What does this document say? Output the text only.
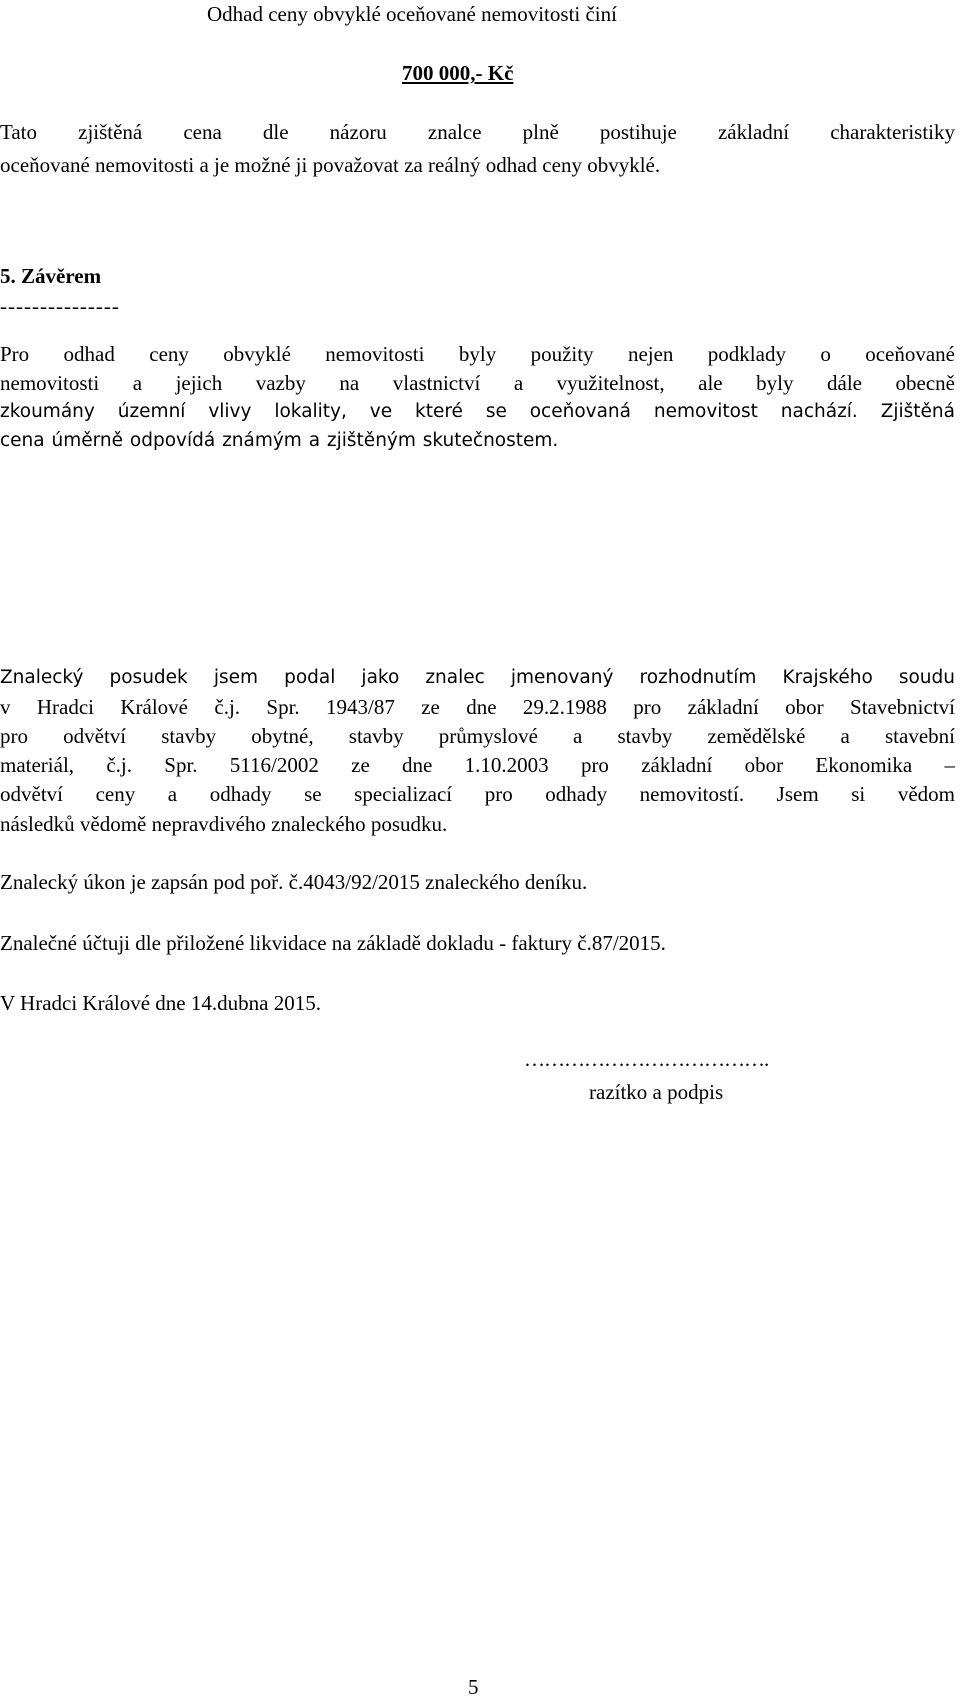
Odhad ceny obvyklé oceňované nemovitosti činí
700 000,- Kč
Tato zjištěná cena dle názoru znalce plně postihuje základní charakteristiky
oceňované nemovitosti a je možné ji považovat za reálný odhad ceny obvyklé.
5. Závěrem
---------------
Pro odhad ceny obvyklé nemovitosti byly použity nejen podklady o oceňované
nemovitosti a jejich vazby na vlastnictví a využitelnost, ale byly dále obecně
zkoumány územní vlivy lokality, ve které se oceňovaná nemovitost nachází. Zjištěná
cena úměrně odpovídá známým a zjištěným skutečnostem.
Znalecký posudek jsem podal jako znalec jmenovaný rozhodnutím Krajského soudu
v Hradci Králové č.j. Spr. 1943/87 ze dne 29.2.1988 pro základní obor Stavebnictví
pro odvětví stavby obytné, stavby průmyslové a stavby zemědělské a stavební
materiál, č.j. Spr. 5116/2002 ze dne 1.10.2003 pro základní obor Ekonomika –
odvětví ceny a odhady se specializací pro odhady nemovitostí. Jsem si vědom
následků vědomě nepravdivého znaleckého posudku.
Znalecký úkon je zapsán pod poř. č.4043/92/2015 znaleckého deníku.
Znalečné účtuji dle přiložené likvidace na základě dokladu - faktury č.87/2015.
V Hradci Králové dne 14.dubna 2015.
……………………………….
razítko a podpis
5
